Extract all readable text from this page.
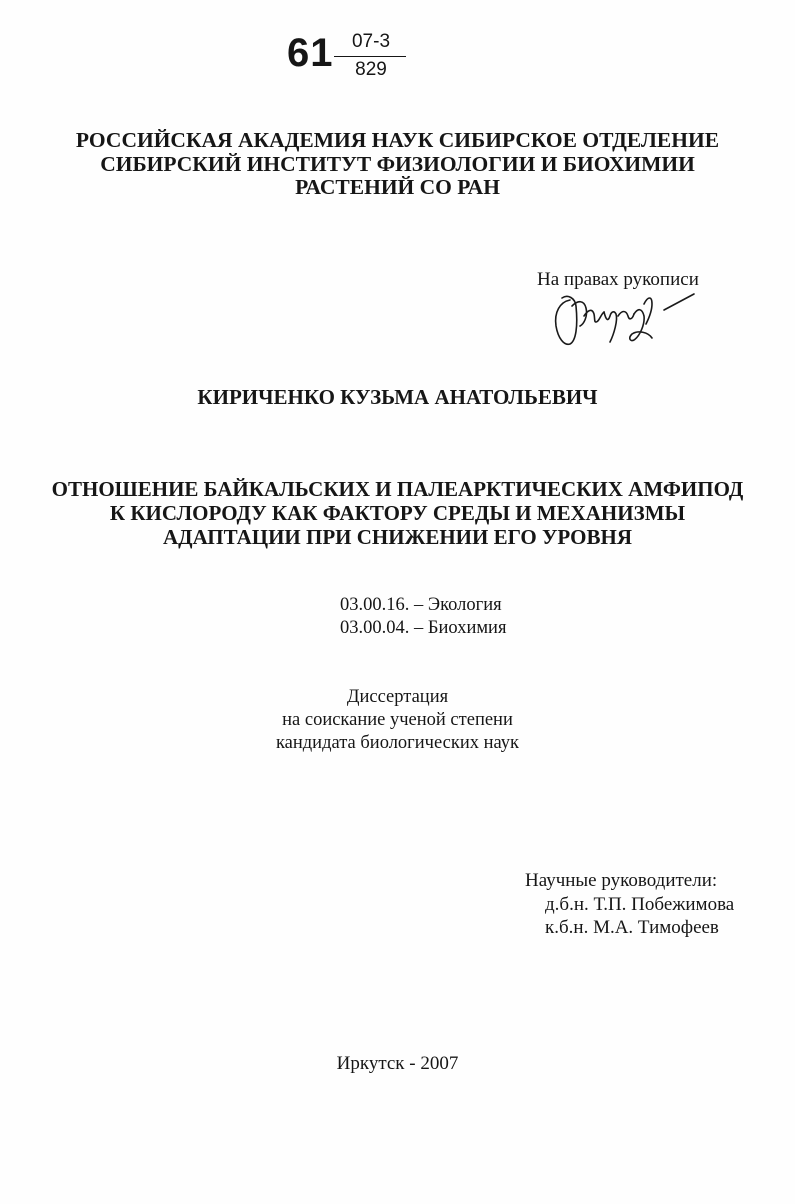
61 07-3
829
РОССИЙСКАЯ АКАДЕМИЯ НАУК СИБИРСКОЕ ОТДЕЛЕНИЕ
СИБИРСКИЙ ИНСТИТУТ ФИЗИОЛОГИИ И БИОХИМИИ
РАСТЕНИЙ СО РАН
На правах рукописи
КИРИЧЕНКО КУЗЬМА АНАТОЛЬЕВИЧ
ОТНОШЕНИЕ БАЙКАЛЬСКИХ И ПАЛЕАРКТИЧЕСКИХ АМФИПОД
К КИСЛОРОДУ КАК ФАКТОРУ СРЕДЫ И МЕХАНИЗМЫ
АДАПТАЦИИ ПРИ СНИЖЕНИИ ЕГО УРОВНЯ
03.00.16. – Экология
03.00.04. – Биохимия
Диссертация
на соискание ученой степени
кандидата биологических наук
Научные руководители:
д.б.н. Т.П. Побежимова
к.б.н. М.А. Тимофеев
Иркутск - 2007
